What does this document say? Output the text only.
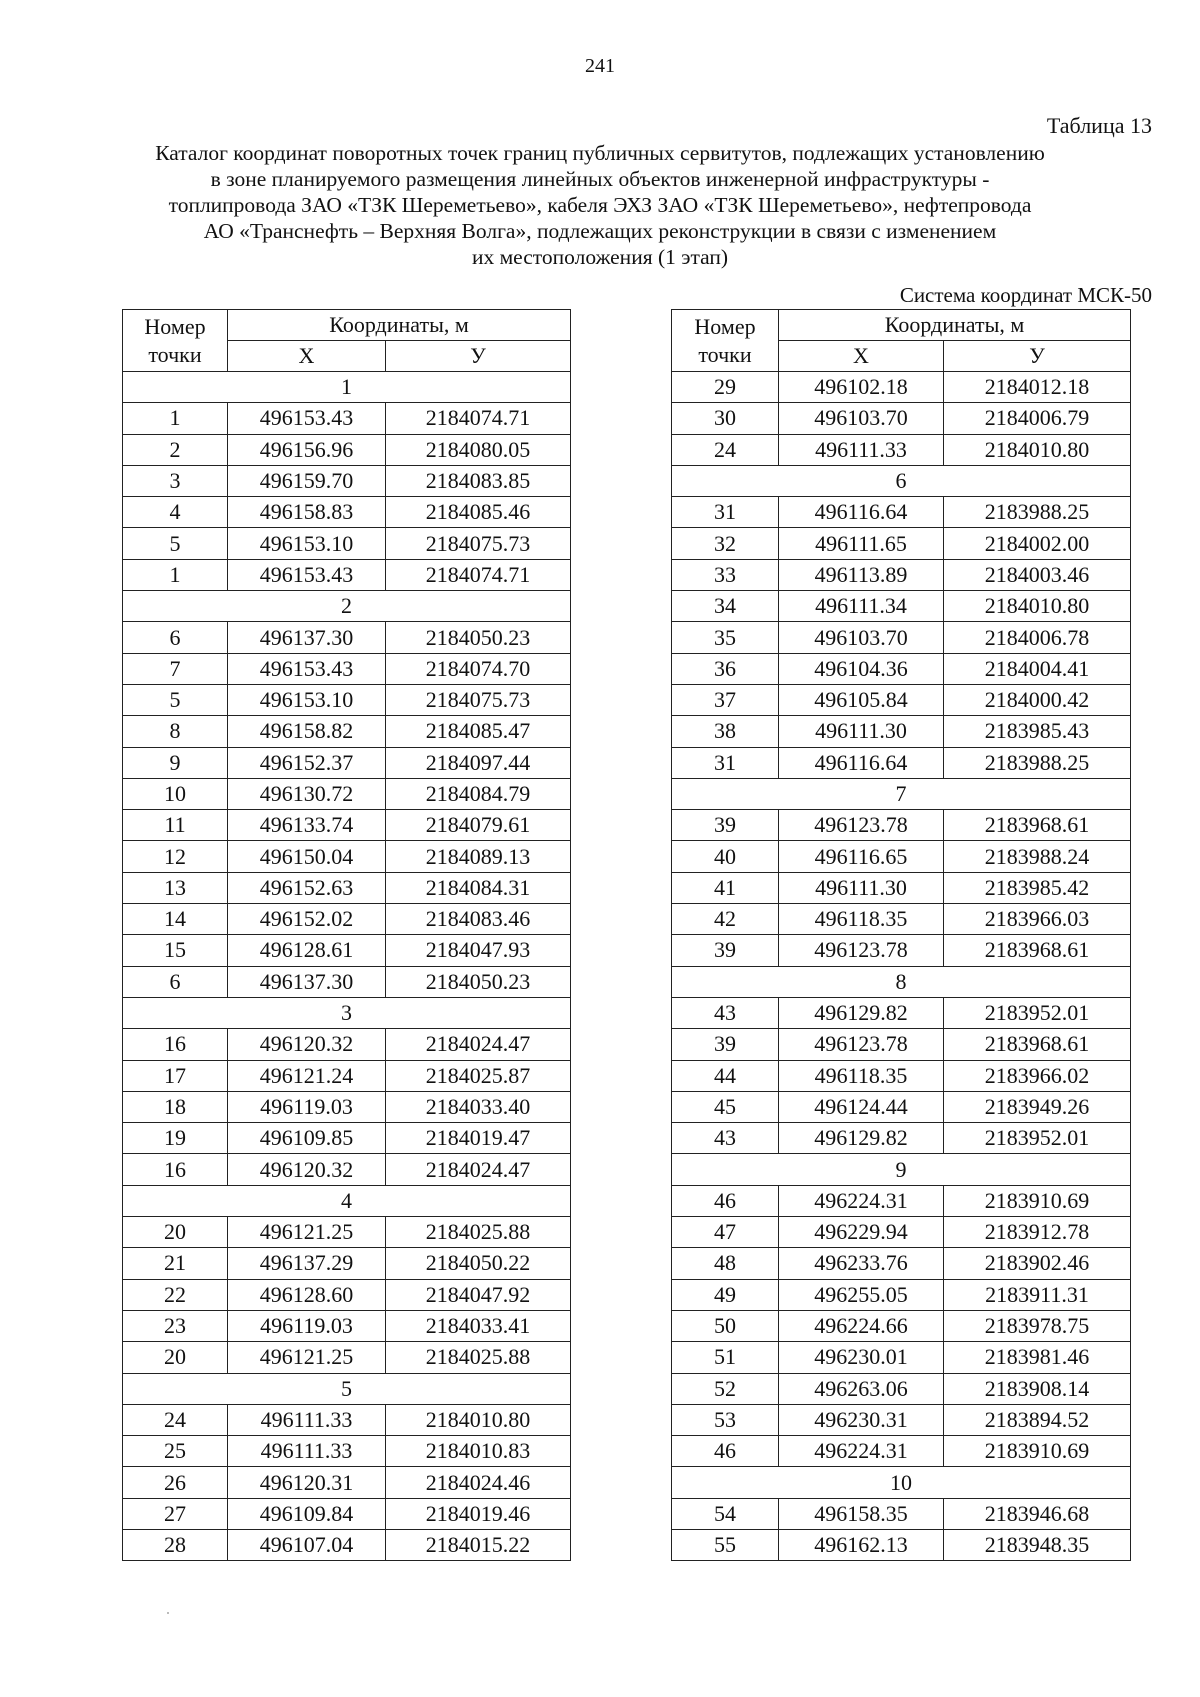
241
Таблица 13
Каталог координат поворотных точек границ публичных сервитутов, подлежащих установлению
в зоне планируемого размещения линейных объектов инженерной инфраструктуры -
топлипровода ЗАО «ТЗК Шереметьево», кабеля ЭХЗ ЗАО «ТЗК Шереметьево», нефтепровода
АО «Транснефть – Верхняя Волга», подлежащих реконструкции в связи с изменением
их местоположения (1 этап)
Система координат МСК-50
Номер
точки	Координаты, м	
	X	У
1		
1	496153.43	2184074.71
2	496156.96	2184080.05
3	496159.70	2184083.85
4	496158.83	2184085.46
5	496153.10	2184075.73
1	496153.43	2184074.71
2		
6	496137.30	2184050.23
7	496153.43	2184074.70
5	496153.10	2184075.73
8	496158.82	2184085.47
9	496152.37	2184097.44
10	496130.72	2184084.79
11	496133.74	2184079.61
12	496150.04	2184089.13
13	496152.63	2184084.31
14	496152.02	2184083.46
15	496128.61	2184047.93
6	496137.30	2184050.23
3		
16	496120.32	2184024.47
17	496121.24	2184025.87
18	496119.03	2184033.40
19	496109.85	2184019.47
16	496120.32	2184024.47
4		
20	496121.25	2184025.88
21	496137.29	2184050.22
22	496128.60	2184047.92
23	496119.03	2184033.41
20	496121.25	2184025.88
5		
24	496111.33	2184010.80
25	496111.33	2184010.83
26	496120.31	2184024.46
27	496109.84	2184019.46
28	496107.04	2184015.22
Номер
точки	Координаты, м	
	X	У
29	496102.18	2184012.18
30	496103.70	2184006.79
24	496111.33	2184010.80
6		
31	496116.64	2183988.25
32	496111.65	2184002.00
33	496113.89	2184003.46
34	496111.34	2184010.80
35	496103.70	2184006.78
36	496104.36	2184004.41
37	496105.84	2184000.42
38	496111.30	2183985.43
31	496116.64	2183988.25
7		
39	496123.78	2183968.61
40	496116.65	2183988.24
41	496111.30	2183985.42
42	496118.35	2183966.03
39	496123.78	2183968.61
8		
43	496129.82	2183952.01
39	496123.78	2183968.61
44	496118.35	2183966.02
45	496124.44	2183949.26
43	496129.82	2183952.01
9		
46	496224.31	2183910.69
47	496229.94	2183912.78
48	496233.76	2183902.46
49	496255.05	2183911.31
50	496224.66	2183978.75
51	496230.01	2183981.46
52	496263.06	2183908.14
53	496230.31	2183894.52
46	496224.31	2183910.69
10		
54	496158.35	2183946.68
55	496162.13	2183948.35
